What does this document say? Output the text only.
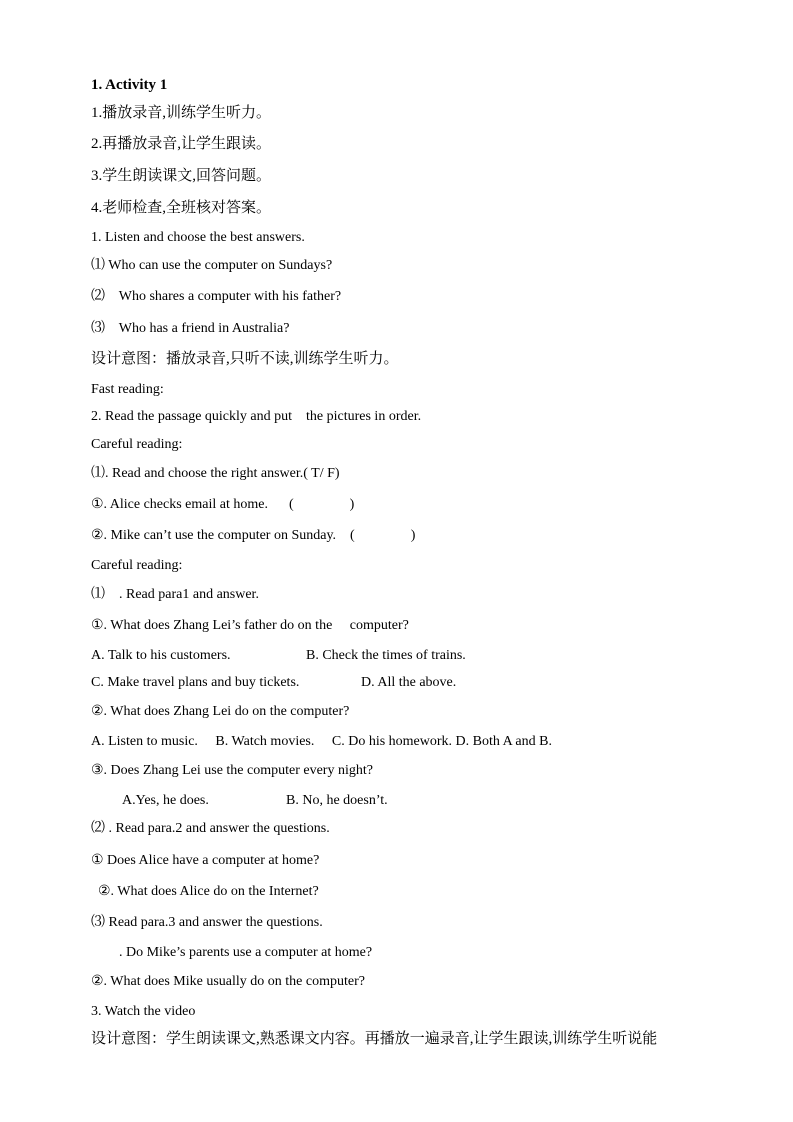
1. Activity 1
1.播放录音,训练学生听力。
2.再播放录音,让学生跟读。
3.学生朗读课文,回答问题。
4.老师检查,全班核对答案。
1. Listen and choose the best answers.
⑴ Who can use the computer on Sundays?
⑵    Who shares a computer with his father?
⑶    Who has a friend in Australia?
设计意图：播放录音,只听不读,训练学生听力。
Fast reading:
2. Read the passage quickly and put    the pictures in order.
Careful reading:
⑴. Read and choose the right answer.( T/ F)
①. Alice checks email at home.      (                )
②. Mike can’t use the computer on Sunday.    (                )
Careful reading:
⑴    . Read para1 and answer.
①. What does Zhang Lei’s father do on the     computer?
A. Talk to his customers.	B. Check the times of trains.
C. Make travel plans and buy tickets.	D. All the above.
②. What does Zhang Lei do on the computer?
A. Listen to music.     B. Watch movies.     C. Do his homework. D. Both A and B.
③. Does Zhang Lei use the computer every night?
A.Yes, he does.	B. No, he doesn’t.
⑵ . Read para.2 and answer the questions.
① Does Alice have a computer at home?
②. What does Alice do on the Internet?
⑶ Read para.3 and answer the questions.
. Do Mike’s parents use a computer at home?
②. What does Mike usually do on the computer?
3. Watch the video
设计意图：学生朗读课文,熟悉课文内容。再播放一遍录音,让学生跟读,训练学生听说能
